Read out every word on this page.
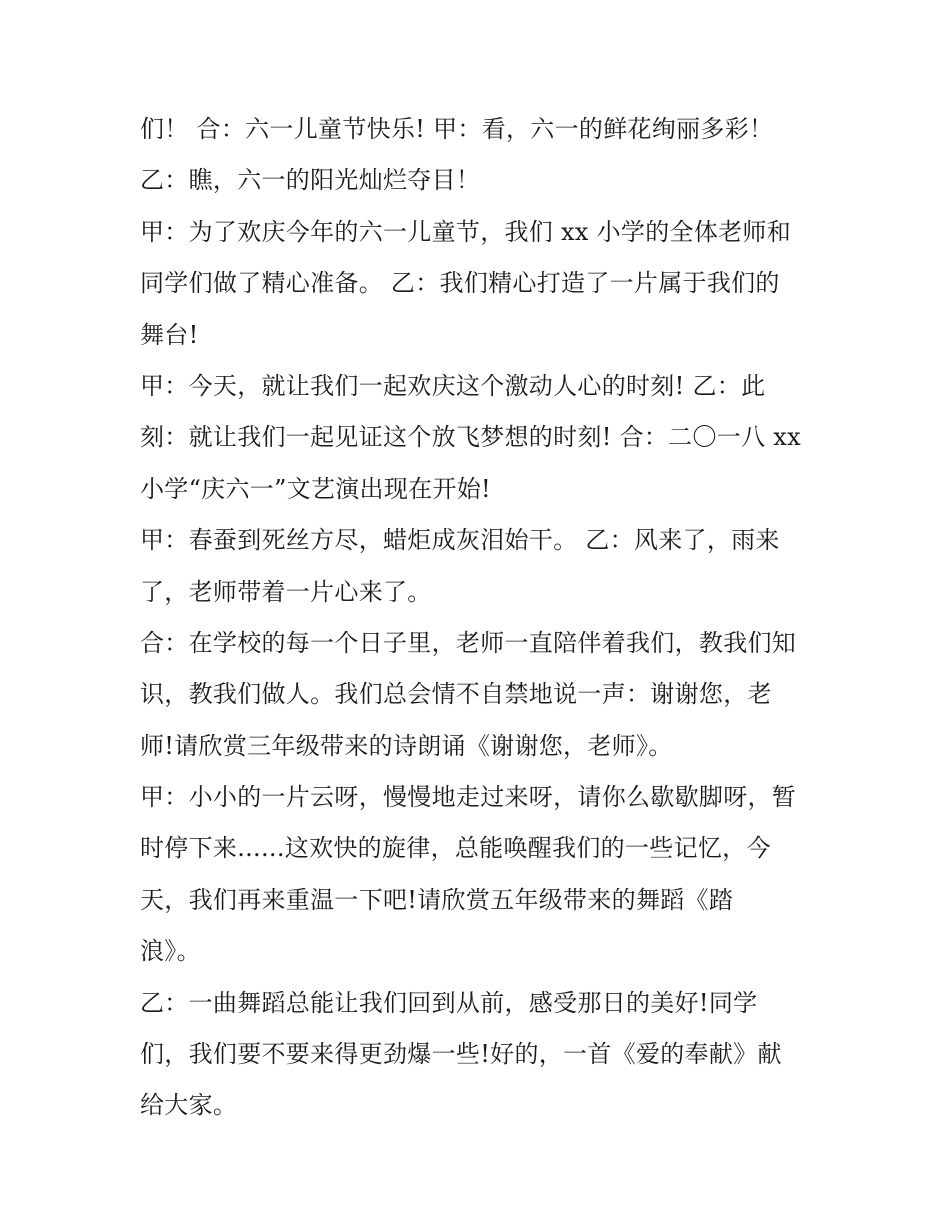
们！ 合：六一儿童节快乐! 甲：看，六一的鲜花绚丽多彩！
乙：瞧，六一的阳光灿烂夺目！
甲：为了欢庆今年的六一儿童节，我们 xx 小学的全体老师和
同学们做了精心准备。 乙：我们精心打造了一片属于我们的
舞台!
甲：今天，就让我们一起欢庆这个激动人心的时刻! 乙：此
刻：就让我们一起见证这个放飞梦想的时刻! 合：二〇一八 xx
小学“庆六一”文艺演出现在开始!
甲：春蚕到死丝方尽，蜡炬成灰泪始干。 乙：风来了，雨来
了，老师带着一片心来了。
合：在学校的每一个日子里，老师一直陪伴着我们，教我们知
识，教我们做人。我们总会情不自禁地说一声：谢谢您，老
师!请欣赏三年级带来的诗朗诵《谢谢您，老师》。
甲：小小的一片云呀，慢慢地走过来呀，请你么歇歇脚呀，暂
时停下来......这欢快的旋律，总能唤醒我们的一些记忆，今
天，我们再来重温一下吧!请欣赏五年级带来的舞蹈《踏
浪》。
乙：一曲舞蹈总能让我们回到从前，感受那日的美好!同学
们，我们要不要来得更劲爆一些!好的，一首《爱的奉献》献
给大家。
